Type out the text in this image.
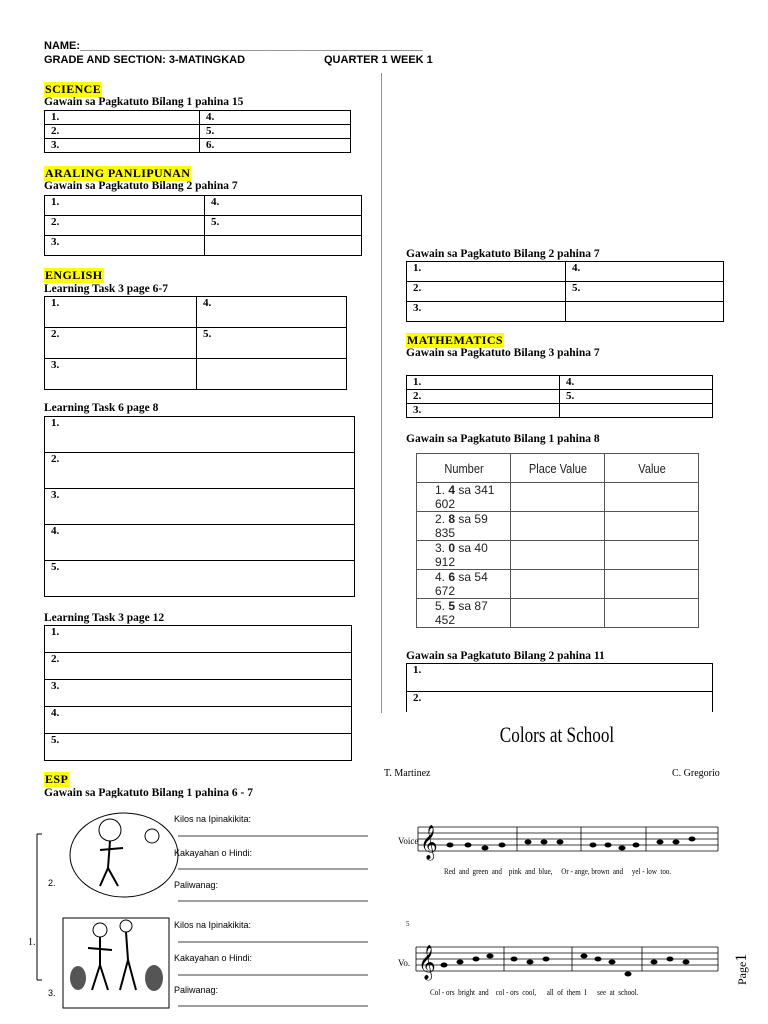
NAME:________________________________________________________
GRADE AND SECTION: 3-MATINGKAD	QUARTER 1 WEEK 1
SCIENCE
Gawain sa Pagkatuto Bilang 1 pahina 15
1.	4.
2.	5.
3.	6.
ARALING PANLIPUNAN
Gawain sa Pagkatuto Bilang 2 pahina 7
1.	4.
2.	5.
3.	
ENGLISH
Learning Task 3 page 6-7
1.	4.
2.	5.
3.	
Learning Task 6 page 8
1.
2.
3.
4.
5.
Learning Task 3 page 12
1.
2.
3.
4.
5.
ESP
Gawain sa Pagkatuto Bilang 1 pahina 6 - 7
Kilos na Ipinakikita:
Kakayahan o Hindi:
Paliwanag:
Kilos na Ipinakikita:
Kakayahan o Hindi:
Paliwanag:
2.
1.
3.
Gawain sa Pagkatuto Bilang 2 pahina 7
1.	4.
2.	5.
3.	
MATHEMATICS
Gawain sa Pagkatuto Bilang 3 pahina 7
1.	4.
2.	5.
3.	
Gawain sa Pagkatuto Bilang 1 pahina 8
Number	Place Value	Value
1. 4 sa 341 602		
2. 8 sa 59 835		
3. 0 sa 40 912		
4. 6 sa 54 672		
5. 5 sa 87 452		
Gawain sa Pagkatuto Bilang 2 pahina 11
1.
2.
Colors at School
T. Martinez	C. Gregorio
Voice
Vo.
5
𝄞
𝄞
Red  and  green  and    pink  and  blue,     Or - ange, brown  and     yel - low  too.
Col - ors  bright  and    col - ors  cool,      all  of  them  I      see  at  school.
Page1
